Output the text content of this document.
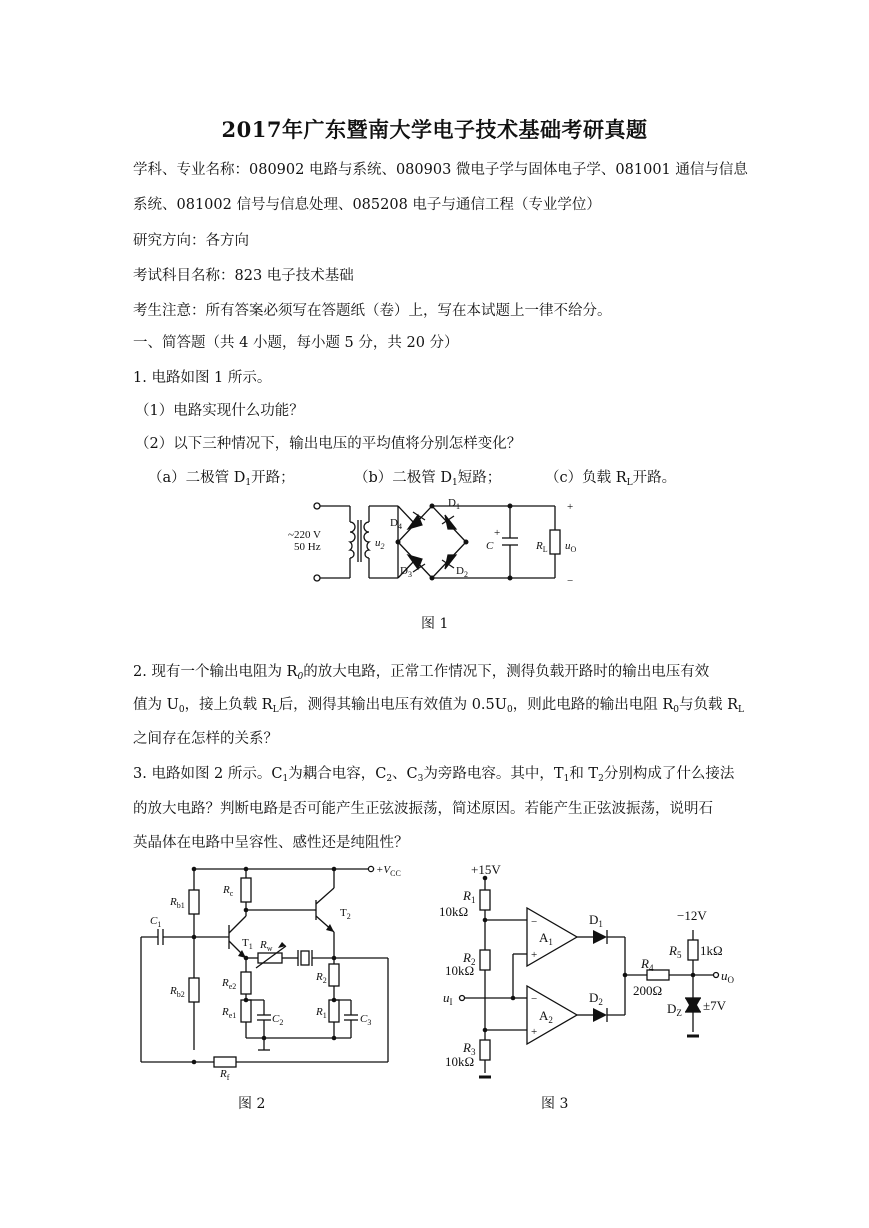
2017年广东暨南大学电子技术基础考研真题
学科、专业名称：080902 电路与系统、080903 微电子学与固体电子学、081001 通信与信息
系统、081002 信号与信息处理、085208 电子与通信工程（专业学位）
研究方向：各方向
考试科目名称：823 电子技术基础
考生注意：所有答案必须写在答题纸（卷）上，写在本试题上一律不给分。
一、简答题（共 4 小题，每小题 5 分，共 20 分）
1. 电路如图 1 所示。
（1）电路实现什么功能？
（2）以下三种情况下，输出电压的平均值将分别怎样变化？
（a）二极管 $D_1$开路；	（b）二极管 $D_1$短路；	（c）负载 $R_L$开路。
~220 V
50 Hz	$u_2$
$D_4$
$D_1$
$D_3$	$D_2$
C
+
$R_L$ $u_O$
+
−
图 1
2. 现有一个输出电阻为 $R_0$的放大电路，正常工作情况下，测得负载开路时的输出电压有效
值为 $U_0$，接上负载 $R_L$后，测得其输出电压有效值为 $0.5U_0$，则此电路的输出电阻 $R_0$与负载 $R_L$
之间存在怎样的关系？
3. 电路如图 2 所示。$C_1$为耦合电容，$C_2$、$C_3$为旁路电容。其中，$T_1$和 $T_2$分别构成了什么接法
的放大电路？判断电路是否可能产生正弦波振荡，简述原因。若能产生正弦波振荡，说明石
英晶体在电路中呈容性、感性还是纯阻性？
$+V_{CC}$
$R_{b1}$
$R_{b2}$
$R_c$
$C_1$
$T_1$
$T_2$
$R_w$
$R_{e2}$
$R_{e1}$	$C_2$
$R_2$
$R_1$	$C_3$
$R_f$
图 2
+15V
$R_1$
10kΩ
$R_2$
10kΩ
$R_3$
10kΩ
$u_I$
$A_1$
$A_2$
−
+
−
+
$D_1$
$D_2$
−12V
$R_5$ 1kΩ
$R_4$
200Ω
$u_O$
$D_Z \pm 7V$
图 3
